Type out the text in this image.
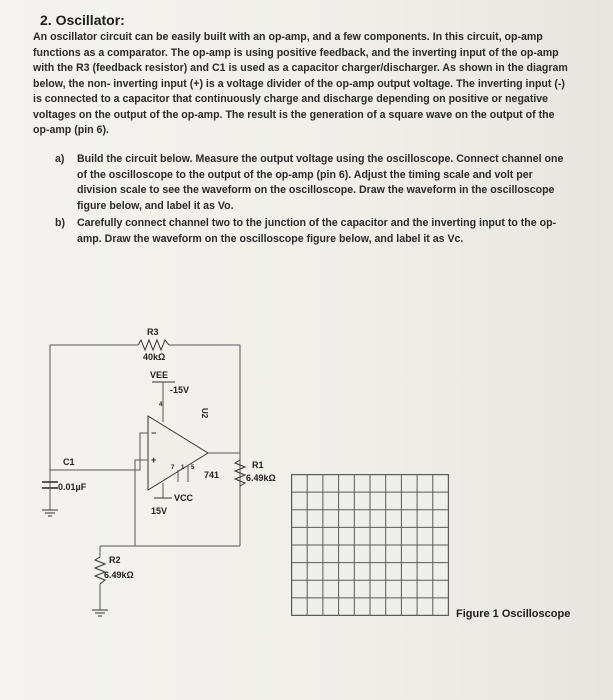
2. Oscillator:
An oscillator circuit can be easily built with an op-amp, and a few components. In this circuit, op-amp functions as a comparator. The op-amp is using positive feedback, and the inverting input of the op-amp with the R3 (feedback resistor) and C1 is used as a capacitor charger/discharger. As shown in the diagram below, the non- inverting input (+) is a voltage divider of the op-amp output voltage. The inverting input (-) is connected to a capacitor that continuously charge and discharge depending on positive or negative voltages on the output of the op-amp. The result is the generation of a square wave on the output of the op-amp (pin 6).
a) Build the circuit below. Measure the output voltage using the oscilloscope. Connect channel one of the oscilloscope to the output of the op-amp (pin 6). Adjust the timing scale and volt per division scale to see the waveform on the oscilloscope. Draw the waveform in the oscilloscope figure below, and label it as Vo.
b) Carefully connect channel two to the junction of the capacitor and the inverting input to the op-amp. Draw the waveform on the oscilloscope figure below, and label it as Vc.
R3
40kΩ
VEE
-15V
U2
4
−
+
7 1 5
741
VCC
15V
C1
0.01µF
R1
6.49kΩ
R2
6.49kΩ
Figure 1 Oscilloscope
